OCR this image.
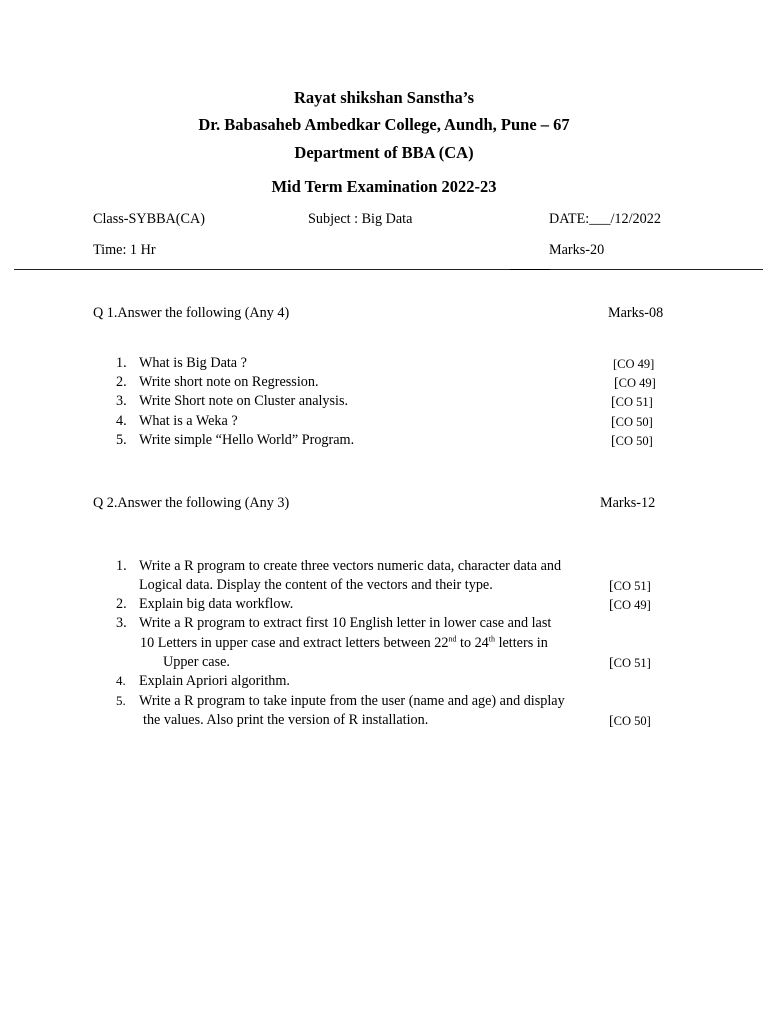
Rayat shikshan Sanstha’s
Dr. Babasaheb Ambedkar College, Aundh, Pune – 67
Department of BBA (CA)
Mid Term Examination 2022-23
Class-SYBBA(CA)	Subject : Big Data	DATE:___/12/2022
Time: 1 Hr	Marks-20
Q 1.Answer the following (Any 4)	Marks-08
1. What is Big Data ?	[CO 49]
2. Write short note on Regression.	[CO 49]
3. Write Short note on Cluster analysis.	[CO 51]
4. What is a Weka ?	[CO 50]
5. Write simple “Hello World” Program.	[CO 50]
Q 2.Answer the following (Any 3)	Marks-12
1. Write a R program to create three vectors numeric data, character data and
Logical data. Display the content of the vectors and their type.	[CO 51]
2. Explain big data workflow.	[CO 49]
3. Write a R program to extract first 10 English letter in lower case and last
10 Letters in upper case and extract letters between 22nd to 24th letters in
Upper case.	[CO 51]
4. Explain Apriori algorithm.
5. Write a R program to take inpute from the user (name and age) and display
the values. Also print the version of R installation.	[CO 50]
